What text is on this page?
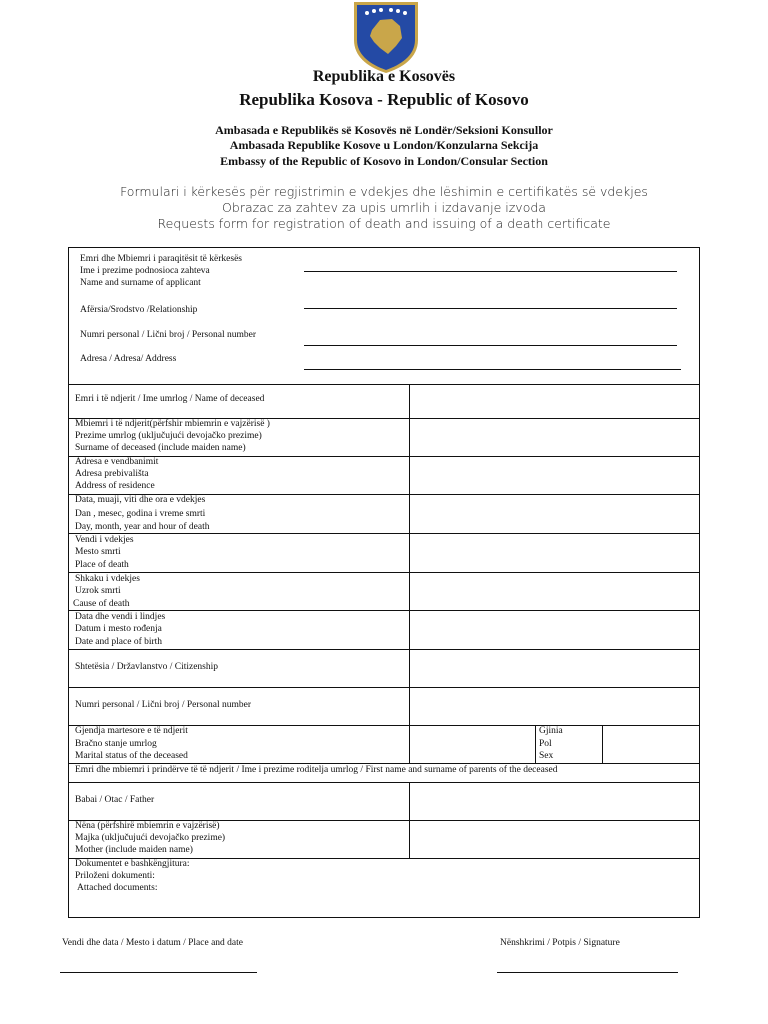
Republika e Kosovës
Republika Kosova - Republic of Kosovo
Ambasada e Republikës së Kosovës në Londër/Seksioni Konsullor
Ambasada Republike Kosove u London/Konzularna Sekcija
Embassy of the Republic of Kosovo in London/Consular Section
Formulari i kërkesës për regjistrimin e vdekjes dhe lëshimin e certifikatës së vdekjes
Obrazac za zahtev za upis umrlih i izdavanje izvoda
Requests form for registration of death and issuing of a death certificate
Emri dhe Mbiemri i paraqitësit të kërkesës
Ime i prezime podnosioca zahteva
Name and surname of applicant
Afërsia/Srodstvo /Relationship
Numri personal / Lični broj / Personal number
Adresa / Adresa/ Address
Emri i të ndjerit / Ime umrlog / Name of deceased
Mbiemri i të ndjerit(përfshir mbiemrin e vajzërisë )
Prezime umrlog (uključujući devojačko prezime)
Surname of deceased (include maiden name)
Adresa e vendbanimit
Adresa prebivališta
Address of residence
Data, muaji, viti dhe ora e vdekjes
Dan , mesec, godina i vreme smrti
Day, month, year and hour of death
Vendi i vdekjes
Mesto smrti
Place of death
Shkaku i vdekjes
Uzrok smrti
Cause of death
Data dhe vendi i lindjes
Datum i mesto rođenja
Date and place of birth
Shtetësia / Državlanstvo / Citizenship
Numri personal / Lični broj / Personal number
Gjendja martesore e të ndjerit
Bračno stanje umrlog
Marital status of the deceased
Gjinia
Pol
Sex
Emri dhe mbiemri i prindërve të të ndjerit / Ime i prezime roditelja umrlog / First name and surname of parents of the deceased
Babai / Otac / Father
Nëna (përfshirë mbiemrin e vajzërisë)
Majka (uključujući devojačko prezime)
Mother (include maiden name)
Dokumentet e bashkëngjitura:
Priloženi dokumenti:
Attached documents:
Vendi dhe data / Mesto i datum / Place and date	Nënshkrimi / Potpis / Signature
